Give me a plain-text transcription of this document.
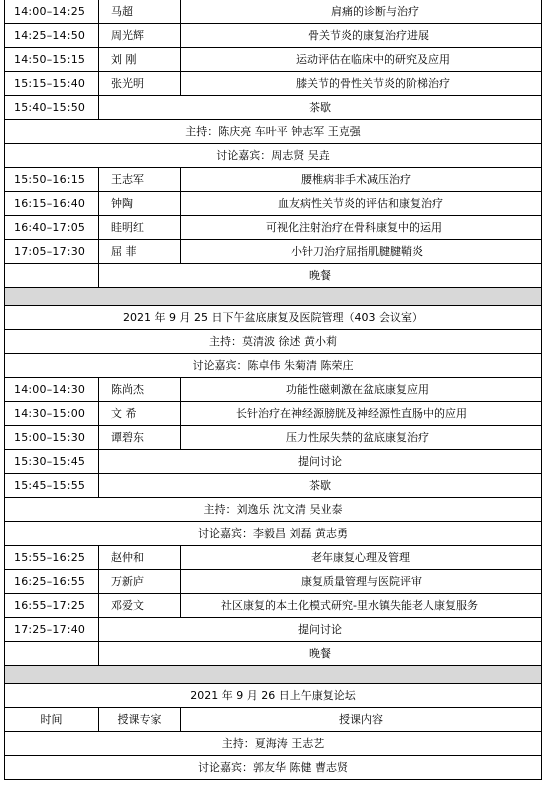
14:00–14:25	马超	肩痛的诊断与治疗
14:25–14:50	周光辉	骨关节炎的康复治疗进展
14:50–15:15	刘 刚	运动评估在临床中的研究及应用
15:15–15:40	张光明	膝关节的骨性关节炎的阶梯治疗
15:40–15:50	茶歇	
主持：陈庆亮 车叶平 钟志军 王克强		
讨论嘉宾：周志贤 吴垚		
15:50–16:15	王志军	腰椎病非手术减压治疗
16:15–16:40	钟陶	血友病性关节炎的评估和康复治疗
16:40–17:05	眭明红	可视化注射治疗在骨科康复中的运用
17:05–17:30	屈 菲	小针刀治疗屈指肌腱腱鞘炎
	晚餐	

2021 年 9 月 25 日下午盆底康复及医院管理（403 会议室）		
主持：莫清波 徐述 黄小莉		
讨论嘉宾：陈卓伟 朱菊清 陈荣庄		
14:00–14:30	陈尚杰	功能性磁刺激在盆底康复应用
14:30–15:00	文 希	长针治疗在神经源膀胱及神经源性直肠中的应用
15:00–15:30	谭碧东	压力性尿失禁的盆底康复治疗
15:30–15:45	提问讨论	
15:45–15:55	茶歇	
主持：刘逸乐 沈文清 吴业泰		
讨论嘉宾：李毅昌 刘磊 黄志勇		
15:55–16:25	赵仲和	老年康复心理及管理
16:25–16:55	万新庐	康复质量管理与医院评审
16:55–17:25	邓爱文	社区康复的本土化模式研究-里水镇失能老人康复服务
17:25–17:40	提问讨论	
	晚餐	

2021 年 9 月 26 日上午康复论坛		
时间	授课专家	授课内容
主持：夏海涛 王志艺		
讨论嘉宾：郭友华 陈健 曹志贤		
